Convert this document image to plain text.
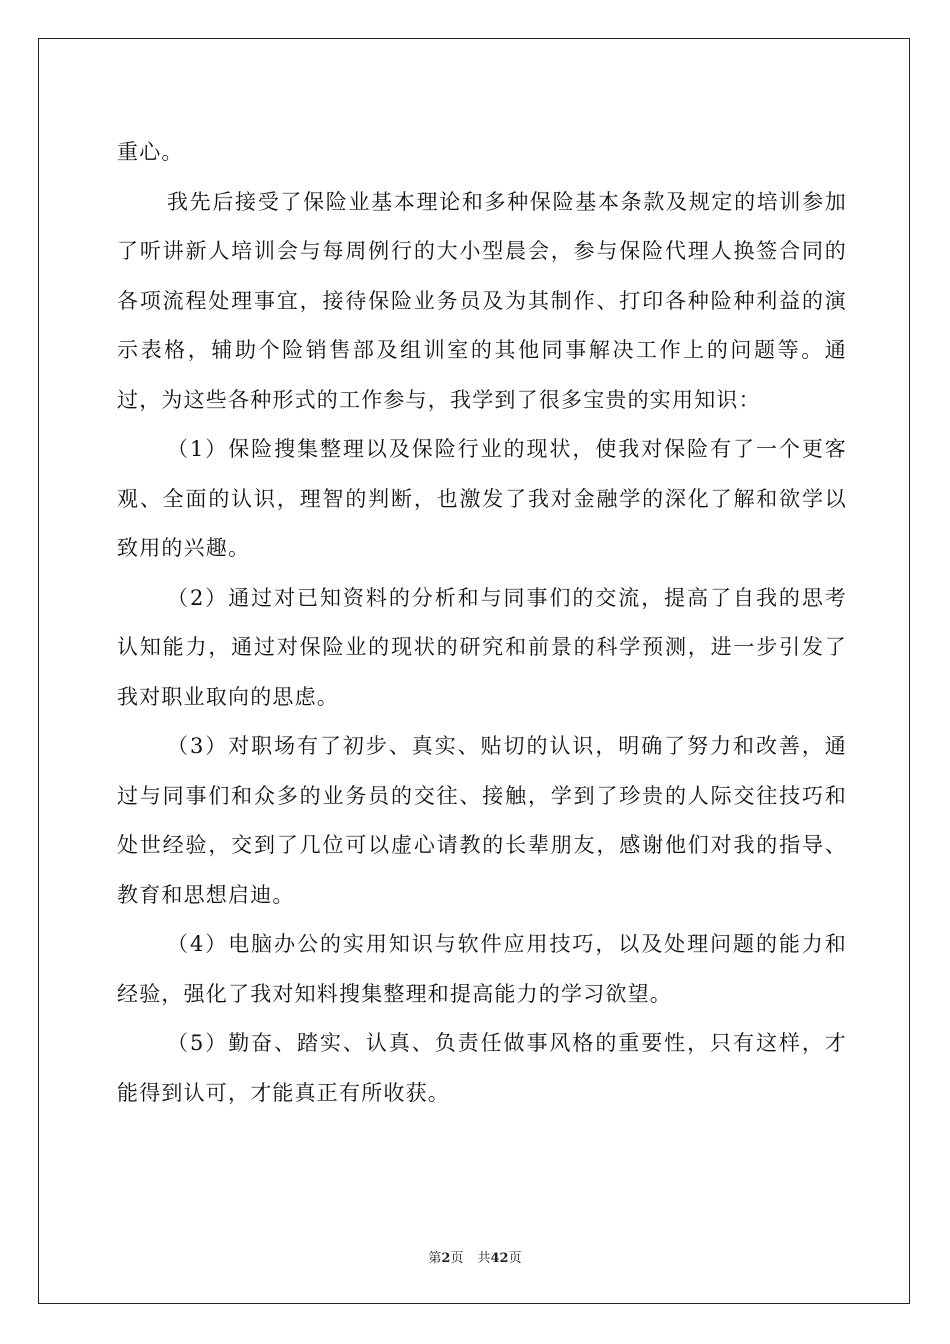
重心。

我先后接受了保险业基本理论和多种保险基本条款及规定的培训参加了听讲新人培训会与每周例行的大小型晨会，参与保险代理人换签合同的各项流程处理事宜，接待保险业务员及为其制作、打印各种险种利益的演示表格，辅助个险销售部及组训室的其他同事解决工作上的问题等。通过，为这些各种形式的工作参与，我学到了很多宝贵的实用知识：

（1）保险搜集整理以及保险行业的现状，使我对保险有了一个更客观、全面的认识，理智的判断，也激发了我对金融学的深化了解和欲学以致用的兴趣。

（2）通过对已知资料的分析和与同事们的交流，提高了自我的思考认知能力，通过对保险业的现状的研究和前景的科学预测，进一步引发了我对职业取向的思虑。

（3）对职场有了初步、真实、贴切的认识，明确了努力和改善，通过与同事们和众多的业务员的交往、接触，学到了珍贵的人际交往技巧和处世经验，交到了几位可以虚心请教的长辈朋友，感谢他们对我的指导、教育和思想启迪。

（4）电脑办公的实用知识与软件应用技巧，以及处理问题的能力和经验，强化了我对知料搜集整理和提高能力的学习欲望。

（5）勤奋、踏实、认真、负责任做事风格的重要性，只有这样，才能得到认可，才能真正有所收获。

第2页 共42页
